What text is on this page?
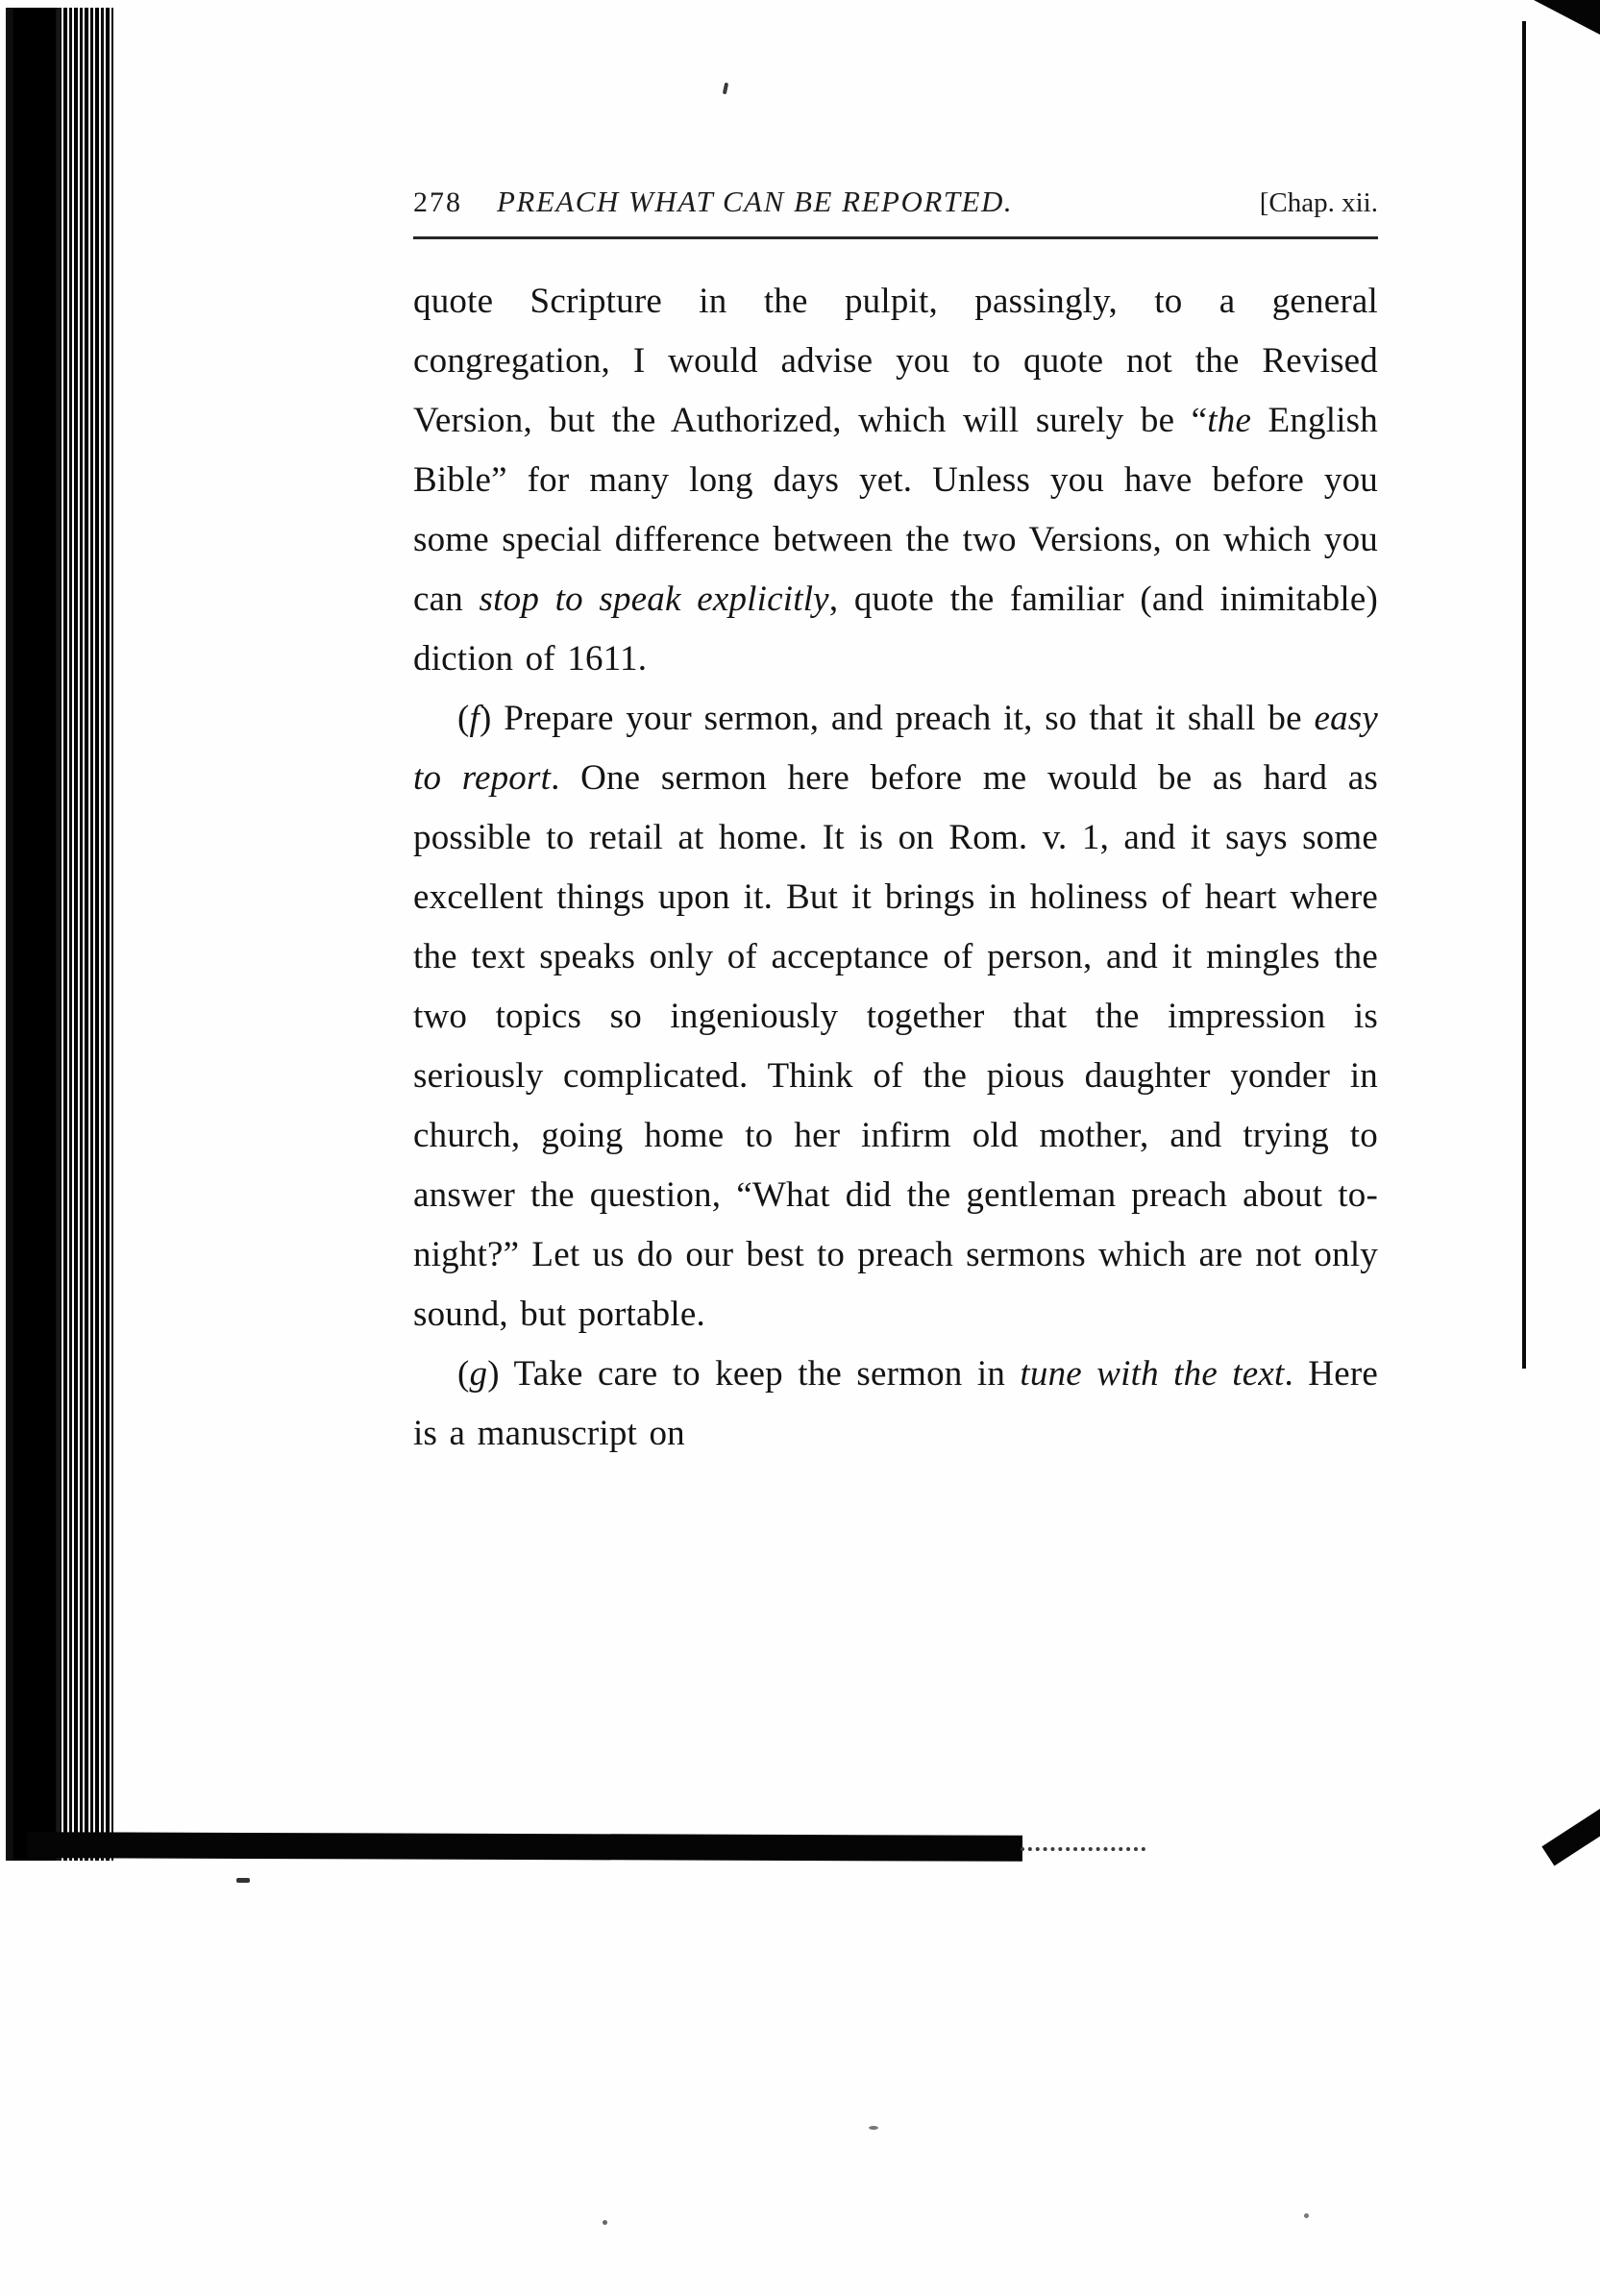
278 PREACH WHAT CAN BE REPORTED.	[Chap. xii.

quote Scripture in the pulpit, passingly, to a general congregation, I would advise you to quote not the Revised Version, but the Authorized, which will surely be “the English Bible” for many long days yet. Unless you have before you some special difference between the two Versions, on which you can stop to speak explicitly, quote the familiar (and inimitable) diction of 1611.

(f) Prepare your sermon, and preach it, so that it shall be easy to report. One sermon here before me would be as hard as possible to retail at home. It is on Rom. v. 1, and it says some excellent things upon it. But it brings in holiness of heart where the text speaks only of acceptance of person, and it mingles the two topics so ingeniously together that the impression is seriously complicated. Think of the pious daughter yonder in church, going home to her infirm old mother, and trying to answer the question, “What did the gentleman preach about to-night?” Let us do our best to preach sermons which are not only sound, but portable.

(g) Take care to keep the sermon in tune with the text. Here is a manuscript on
